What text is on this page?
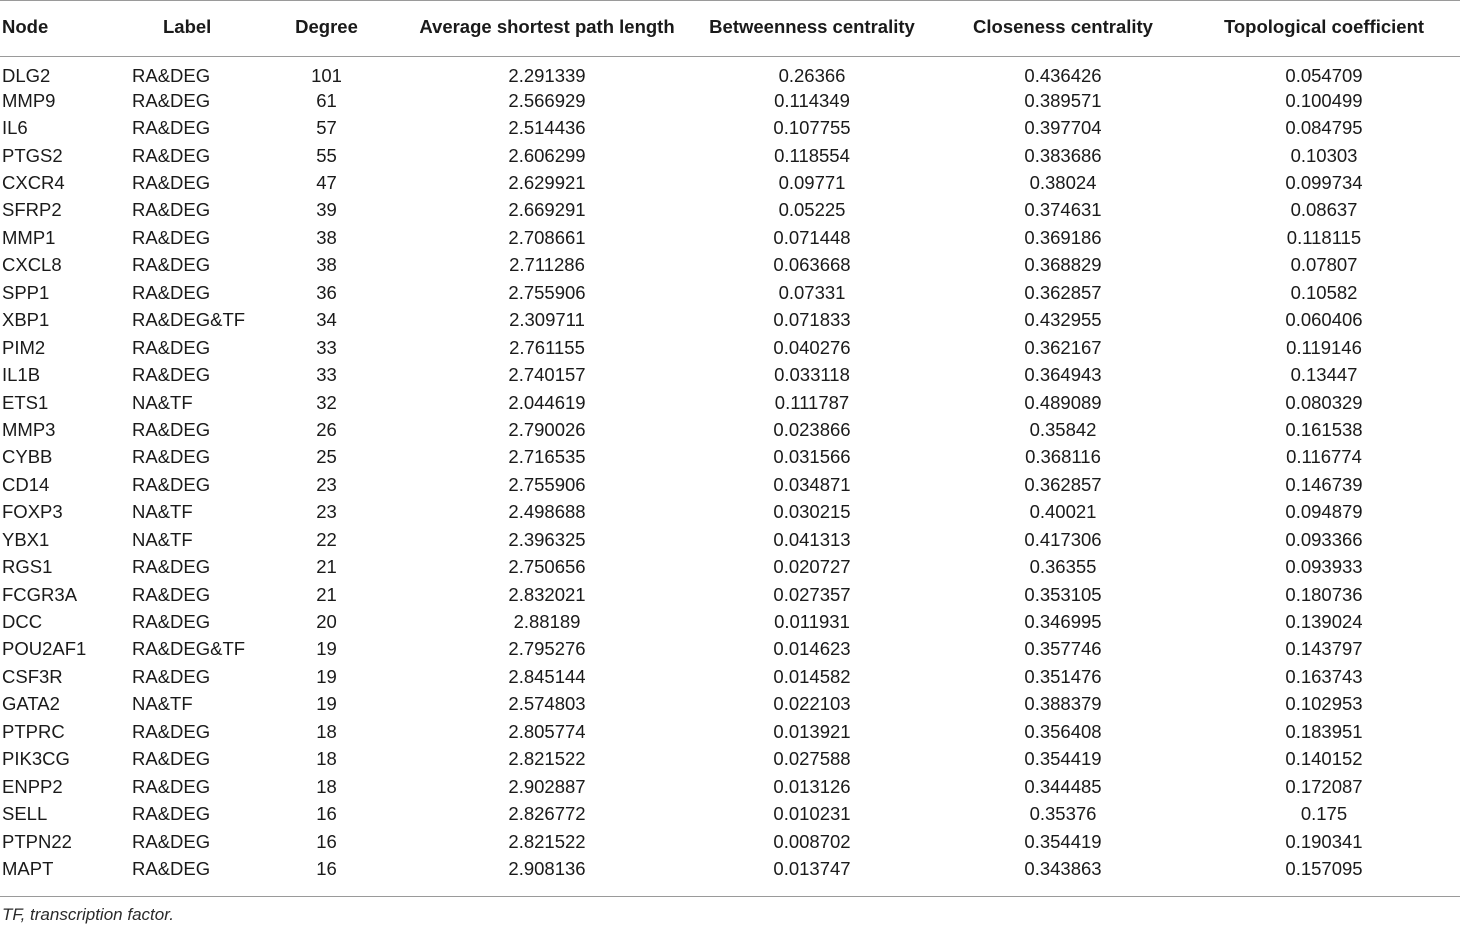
Node	Label	Degree	Average shortest path length	Betweenness centrality	Closeness centrality	Topological coefficient
DLG2	RA&DEG	101	2.291339	0.26366	0.436426	0.054709
MMP9	RA&DEG	61	2.566929	0.114349	0.389571	0.100499
IL6	RA&DEG	57	2.514436	0.107755	0.397704	0.084795
PTGS2	RA&DEG	55	2.606299	0.118554	0.383686	0.10303
CXCR4	RA&DEG	47	2.629921	0.09771	0.38024	0.099734
SFRP2	RA&DEG	39	2.669291	0.05225	0.374631	0.08637
MMP1	RA&DEG	38	2.708661	0.071448	0.369186	0.118115
CXCL8	RA&DEG	38	2.711286	0.063668	0.368829	0.07807
SPP1	RA&DEG	36	2.755906	0.07331	0.362857	0.10582
XBP1	RA&DEG&TF	34	2.309711	0.071833	0.432955	0.060406
PIM2	RA&DEG	33	2.761155	0.040276	0.362167	0.119146
IL1B	RA&DEG	33	2.740157	0.033118	0.364943	0.13447
ETS1	NA&TF	32	2.044619	0.111787	0.489089	0.080329
MMP3	RA&DEG	26	2.790026	0.023866	0.35842	0.161538
CYBB	RA&DEG	25	2.716535	0.031566	0.368116	0.116774
CD14	RA&DEG	23	2.755906	0.034871	0.362857	0.146739
FOXP3	NA&TF	23	2.498688	0.030215	0.40021	0.094879
YBX1	NA&TF	22	2.396325	0.041313	0.417306	0.093366
RGS1	RA&DEG	21	2.750656	0.020727	0.36355	0.093933
FCGR3A	RA&DEG	21	2.832021	0.027357	0.353105	0.180736
DCC	RA&DEG	20	2.88189	0.011931	0.346995	0.139024
POU2AF1	RA&DEG&TF	19	2.795276	0.014623	0.357746	0.143797
CSF3R	RA&DEG	19	2.845144	0.014582	0.351476	0.163743
GATA2	NA&TF	19	2.574803	0.022103	0.388379	0.102953
PTPRC	RA&DEG	18	2.805774	0.013921	0.356408	0.183951
PIK3CG	RA&DEG	18	2.821522	0.027588	0.354419	0.140152
ENPP2	RA&DEG	18	2.902887	0.013126	0.344485	0.172087
SELL	RA&DEG	16	2.826772	0.010231	0.35376	0.175
PTPN22	RA&DEG	16	2.821522	0.008702	0.354419	0.190341
MAPT	RA&DEG	16	2.908136	0.013747	0.343863	0.157095
TF, transcription factor.
